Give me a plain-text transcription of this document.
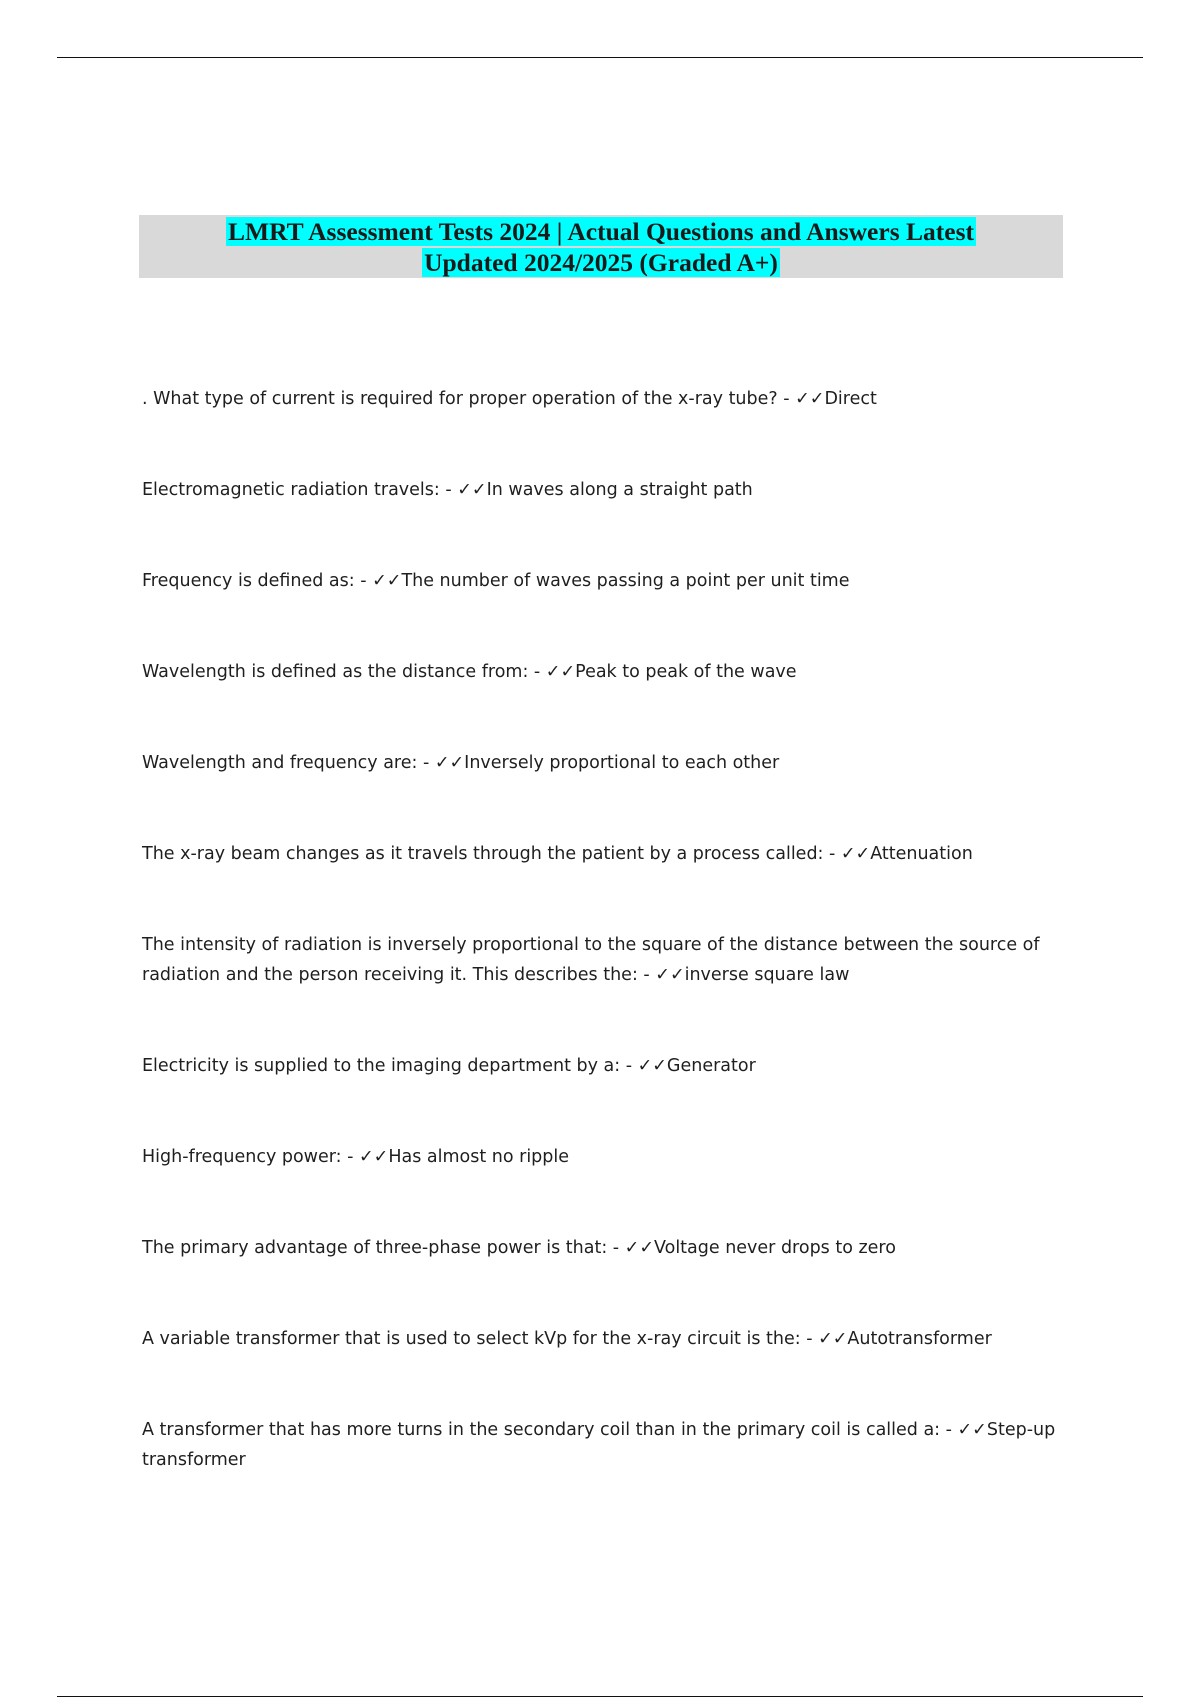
LMRT Assessment Tests 2024 | Actual Questions and Answers Latest
Updated 2024/2025 (Graded A+)

. What type of current is required for proper operation of the x-ray tube? - ✓✓Direct

Electromagnetic radiation travels: - ✓✓In waves along a straight path

Frequency is defined as: - ✓✓The number of waves passing a point per unit time

Wavelength is defined as the distance from: - ✓✓Peak to peak of the wave

Wavelength and frequency are: - ✓✓Inversely proportional to each other

The x-ray beam changes as it travels through the patient by a process called: - ✓✓Attenuation

The intensity of radiation is inversely proportional to the square of the distance between the source of radiation and the person receiving it. This describes the: - ✓✓inverse square law

Electricity is supplied to the imaging department by a: - ✓✓Generator

High-frequency power: - ✓✓Has almost no ripple

The primary advantage of three-phase power is that: - ✓✓Voltage never drops to zero

A variable transformer that is used to select kVp for the x-ray circuit is the: - ✓✓Autotransformer

A transformer that has more turns in the secondary coil than in the primary coil is called a: - ✓✓Step-up transformer
